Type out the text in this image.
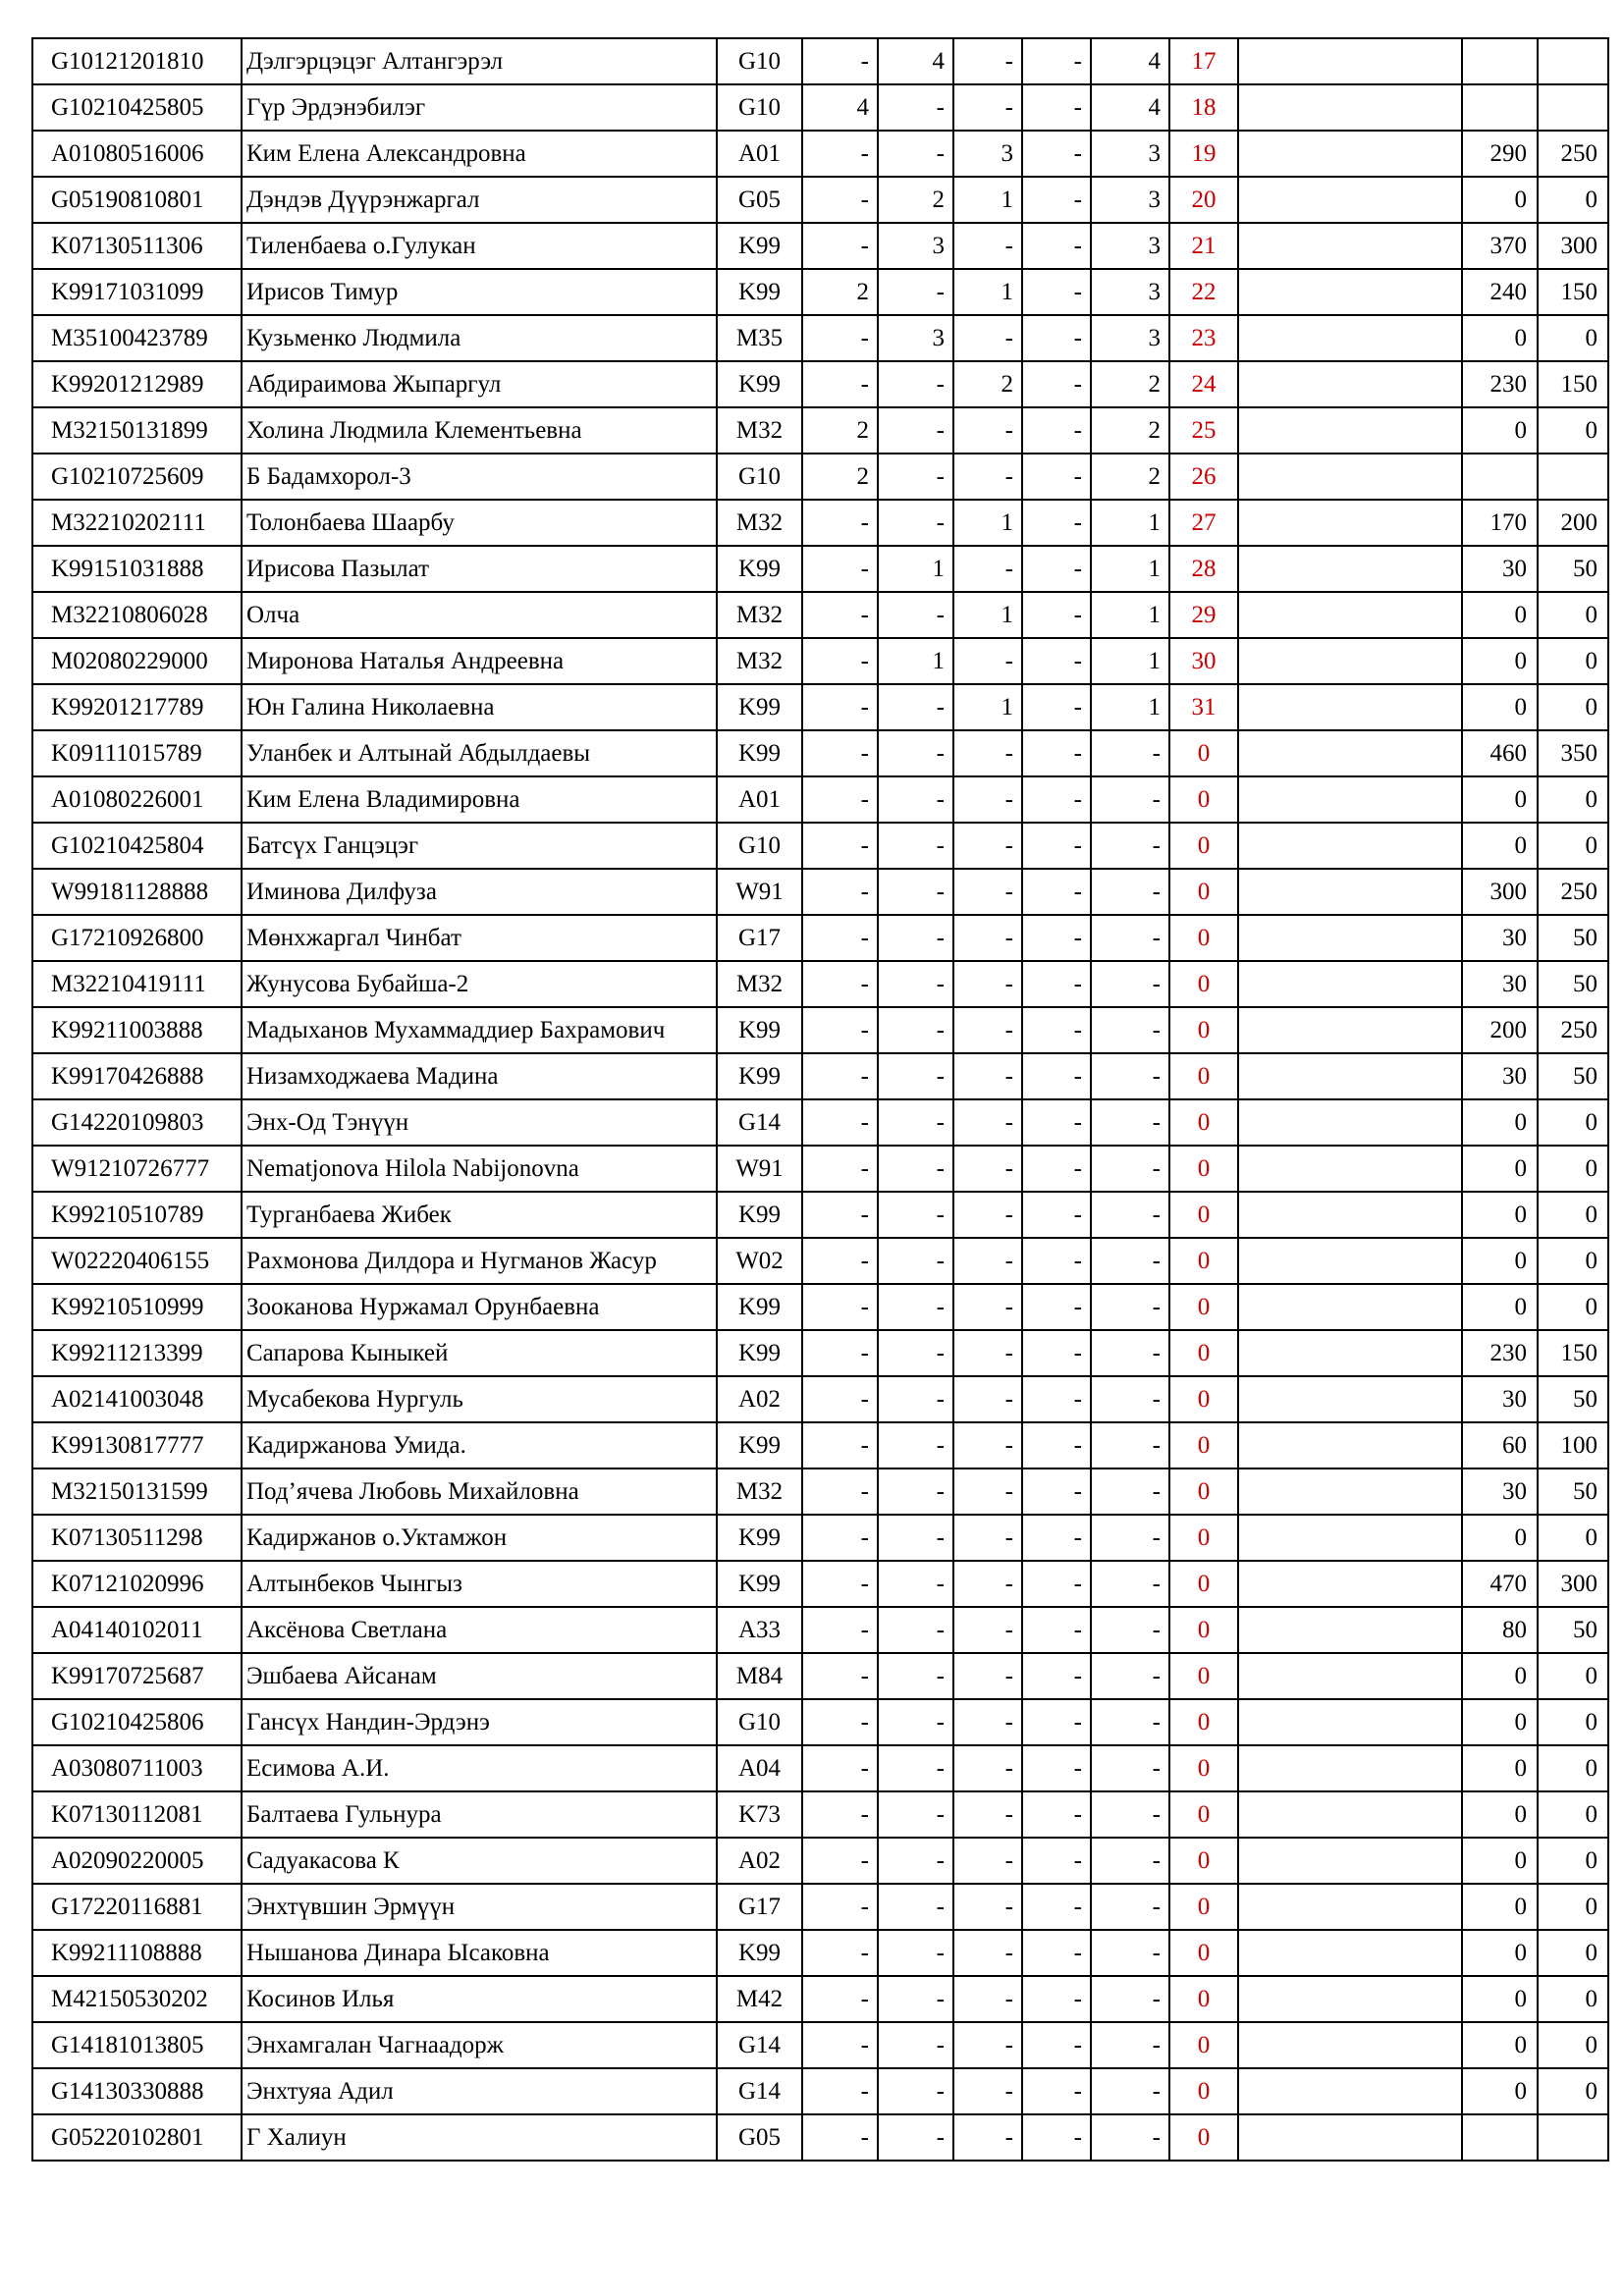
G10121201810	Дэлгэрцэцэг Алтангэрэл	G10	-	4	-	-	4	17			
G10210425805	Гүр Эрдэнэбилэг	G10	4	-	-	-	4	18			
A01080516006	Ким Елена Александровна	A01	-	-	3	-	3	19		290	250
G05190810801	Дэндэв Дүүрэнжаргал	G05	-	2	1	-	3	20		0	0
K07130511306	Тиленбаева о.Гулукан	K99	-	3	-	-	3	21		370	300
K99171031099	Ирисов Тимур	K99	2	-	1	-	3	22		240	150
M35100423789	Кузьменко Людмила	M35	-	3	-	-	3	23		0	0
K99201212989	Абдираимова Жыпаргул	K99	-	-	2	-	2	24		230	150
M32150131899	Холина Людмила Клементьевна	M32	2	-	-	-	2	25		0	0
G10210725609	Б Бадамхорол-3	G10	2	-	-	-	2	26			
M32210202111	Толонбаева Шаарбу	M32	-	-	1	-	1	27		170	200
K99151031888	Ирисова Пазылат	K99	-	1	-	-	1	28		30	50
M32210806028	Олча	M32	-	-	1	-	1	29		0	0
M02080229000	Миронова Наталья Андреевна	M32	-	1	-	-	1	30		0	0
K99201217789	Юн Галина Николаевна	K99	-	-	1	-	1	31		0	0
K09111015789	Уланбек и Алтынай Абдылдаевы	K99	-	-	-	-	-	0		460	350
A01080226001	Ким Елена Владимировна	A01	-	-	-	-	-	0		0	0
G10210425804	Батсүх Ганцэцэг	G10	-	-	-	-	-	0		0	0
W99181128888	Иминова Дилфуза	W91	-	-	-	-	-	0		300	250
G17210926800	Мөнхжаргал Чинбат	G17	-	-	-	-	-	0		30	50
M32210419111	Жунусова Бубайша-2	M32	-	-	-	-	-	0		30	50
K99211003888	Мадыханов Мухаммаддиер Бахрамович	K99	-	-	-	-	-	0		200	250
K99170426888	Низамходжаева Мадина	K99	-	-	-	-	-	0		30	50
G14220109803	Энх-Од Тэнүүн	G14	-	-	-	-	-	0		0	0
W91210726777	Nematjonova Hilola Nabijonovna	W91	-	-	-	-	-	0		0	0
K99210510789	Турганбаева Жибек	K99	-	-	-	-	-	0		0	0
W02220406155	Рахмонова Дилдора и Нугманов Жасур	W02	-	-	-	-	-	0		0	0
K99210510999	Зооканова Нуржамал Орунбаевна	K99	-	-	-	-	-	0		0	0
K99211213399	Сапарова Кыныкей	K99	-	-	-	-	-	0		230	150
A02141003048	Мусабекова Нургуль	A02	-	-	-	-	-	0		30	50
K99130817777	Кадиржанова Умида.	K99	-	-	-	-	-	0		60	100
M32150131599	Под’ячева Любовь Михайловна	M32	-	-	-	-	-	0		30	50
K07130511298	Кадиржанов о.Уктамжон	K99	-	-	-	-	-	0		0	0
K07121020996	Алтынбеков Чынгыз	K99	-	-	-	-	-	0		470	300
A04140102011	Аксёнова Светлана	A33	-	-	-	-	-	0		80	50
K99170725687	Эшбаева Айсанам	M84	-	-	-	-	-	0		0	0
G10210425806	Гансүх Нандин-Эрдэнэ	G10	-	-	-	-	-	0		0	0
A03080711003	Есимова А.И.	A04	-	-	-	-	-	0		0	0
K07130112081	Балтаева Гульнура	K73	-	-	-	-	-	0		0	0
A02090220005	Садуакасова К	A02	-	-	-	-	-	0		0	0
G17220116881	Энхтүвшин Эрмүүн	G17	-	-	-	-	-	0		0	0
K99211108888	Нышанова Динара Ысаковна	K99	-	-	-	-	-	0		0	0
M42150530202	Косинов Илья	M42	-	-	-	-	-	0		0	0
G14181013805	Энхамгалан Чагнаадорж	G14	-	-	-	-	-	0		0	0
G14130330888	Энхтуяа Адил	G14	-	-	-	-	-	0		0	0
G05220102801	Г Халиун	G05	-	-	-	-	-	0			
